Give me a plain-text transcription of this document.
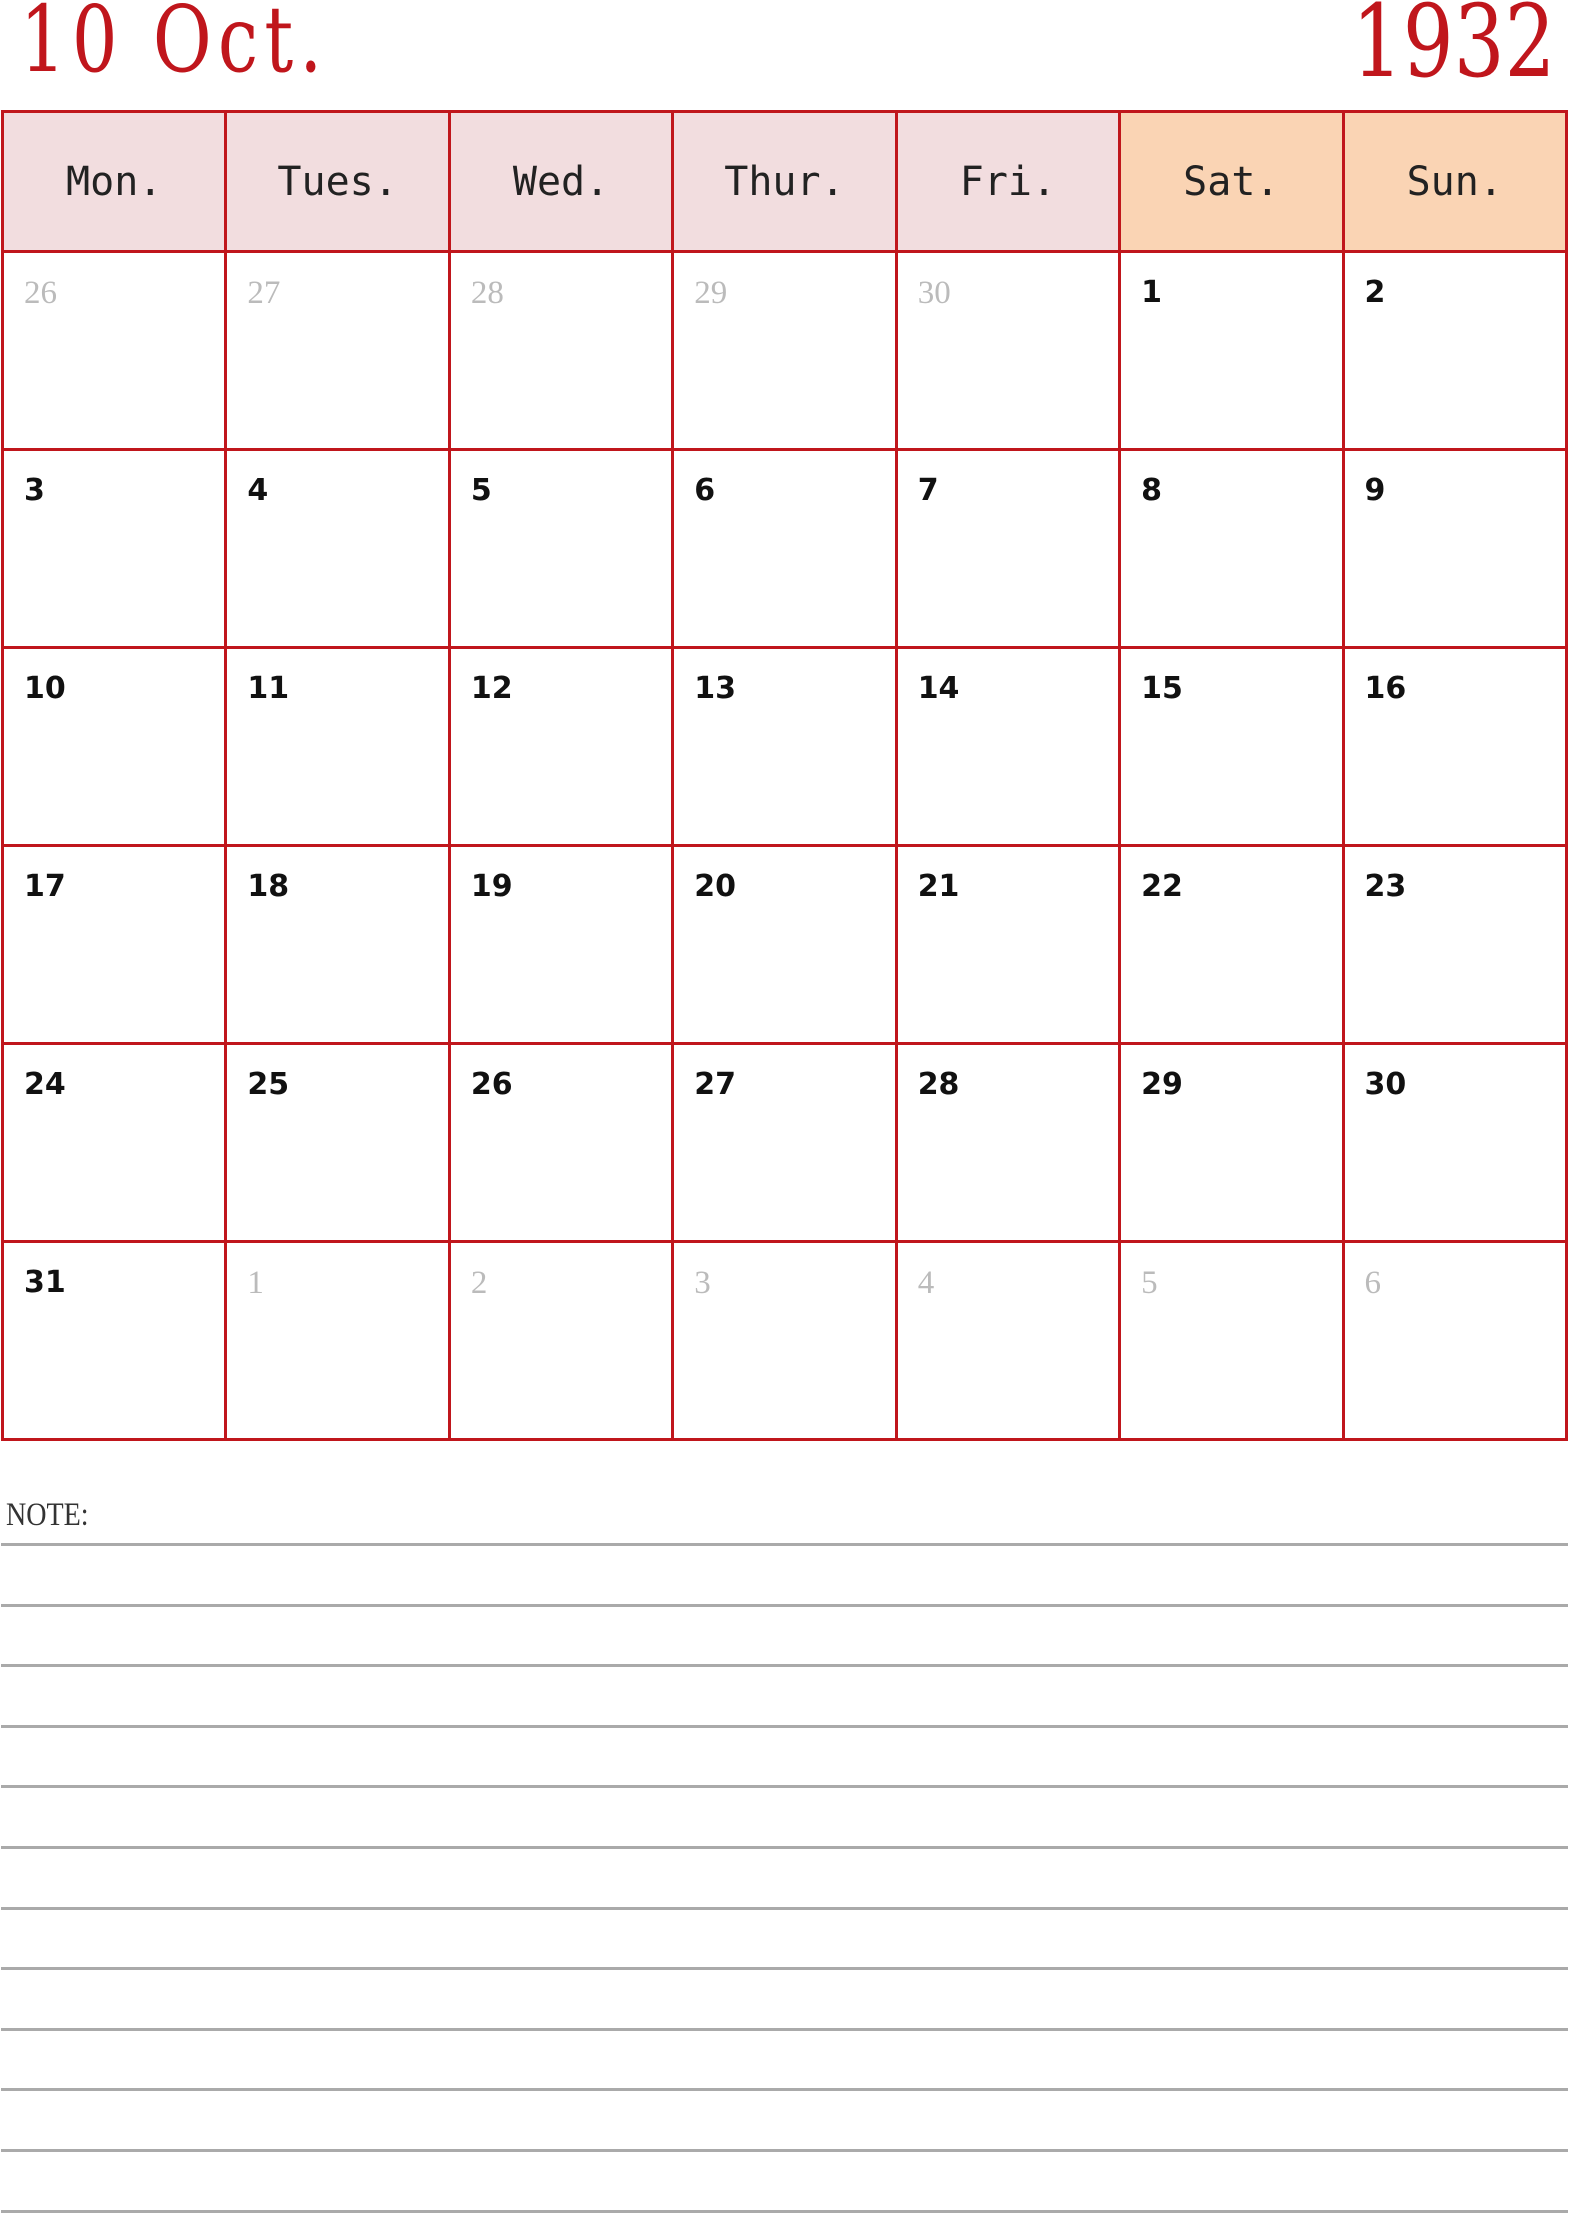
10 Oct.	1932
Mon.	Tues.	Wed.	Thur.	Fri.	Sat.	Sun.

26	27	28	29	30	1	2

3	4	5	6	7	8	9

10	11	12	13	14	15	16

17	18	19	20	21	22	23

24	25	26	27	28	29	30

31	1	2	3	4	5	6
NOTE:
